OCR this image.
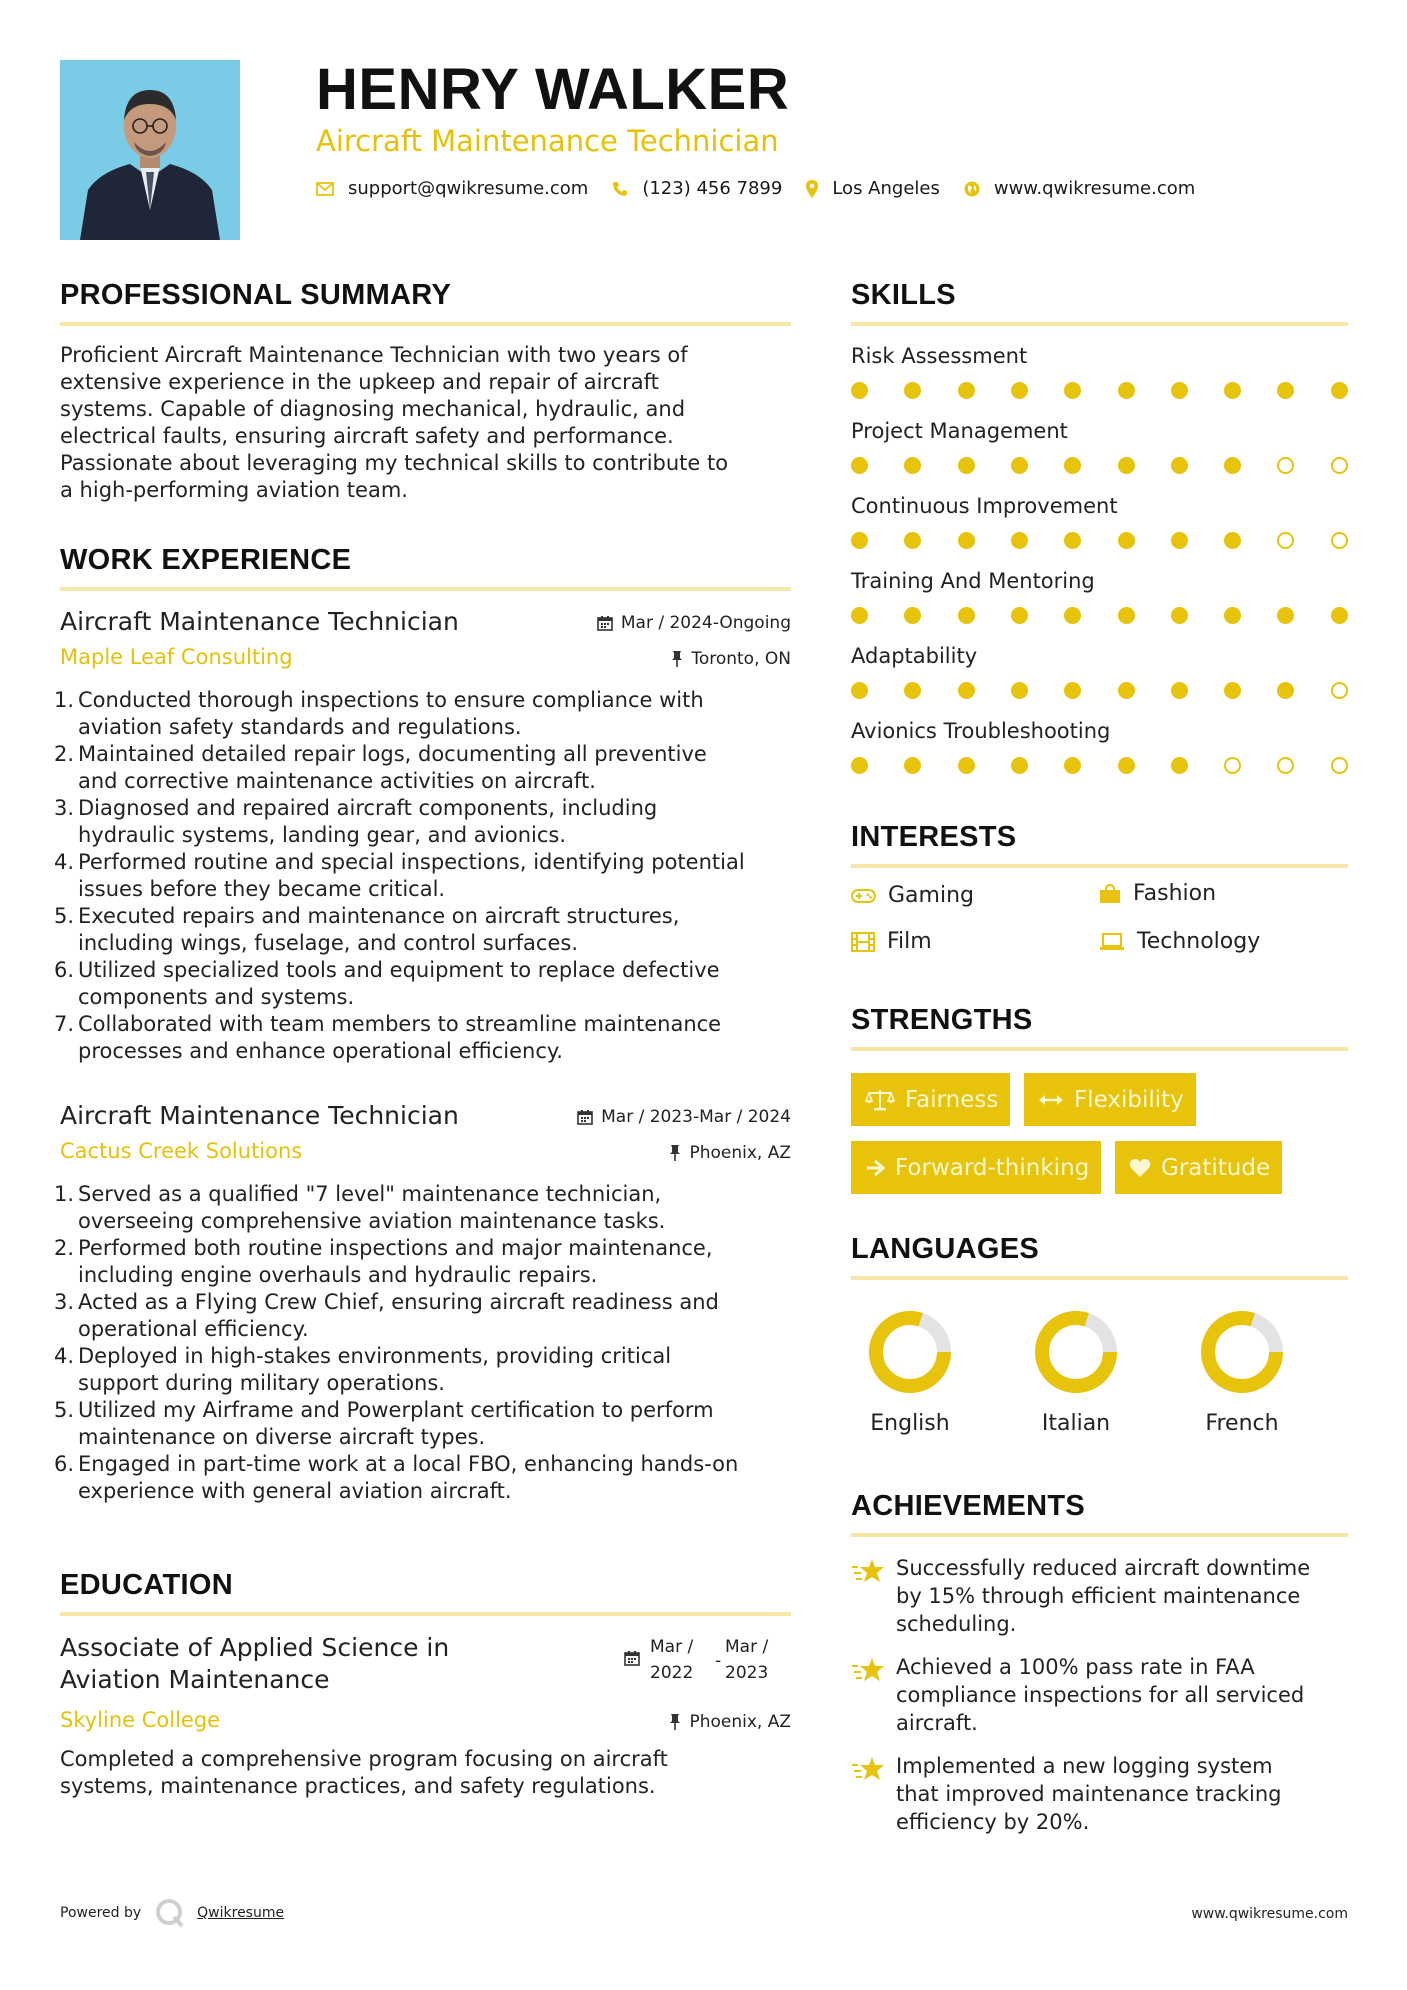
HENRY WALKER
Aircraft Maintenance Technician
support@qwikresume.com	(123) 456 7899	Los Angeles	www.qwikresume.com
PROFESSIONAL SUMMARY
Proficient Aircraft Maintenance Technician with two years of
extensive experience in the upkeep and repair of aircraft
systems. Capable of diagnosing mechanical, hydraulic, and
electrical faults, ensuring aircraft safety and performance.
Passionate about leveraging my technical skills to contribute to
a high-performing aviation team.
WORK EXPERIENCE
Aircraft Maintenance Technician	Mar / 2024-Ongoing
Maple Leaf Consulting	Toronto, ON
1. Conducted thorough inspections to ensure compliance with
aviation safety standards and regulations.
2. Maintained detailed repair logs, documenting all preventive
and corrective maintenance activities on aircraft.
3. Diagnosed and repaired aircraft components, including
hydraulic systems, landing gear, and avionics.
4. Performed routine and special inspections, identifying potential
issues before they became critical.
5. Executed repairs and maintenance on aircraft structures,
including wings, fuselage, and control surfaces.
6. Utilized specialized tools and equipment to replace defective
components and systems.
7. Collaborated with team members to streamline maintenance
processes and enhance operational efficiency.
Aircraft Maintenance Technician	Mar / 2023-Mar / 2024
Cactus Creek Solutions	Phoenix, AZ
1. Served as a qualified "7 level" maintenance technician,
overseeing comprehensive aviation maintenance tasks.
2. Performed both routine inspections and major maintenance,
including engine overhauls and hydraulic repairs.
3. Acted as a Flying Crew Chief, ensuring aircraft readiness and
operational efficiency.
4. Deployed in high-stakes environments, providing critical
support during military operations.
5. Utilized my Airframe and Powerplant certification to perform
maintenance on diverse aircraft types.
6. Engaged in part-time work at a local FBO, enhancing hands-on
experience with general aviation aircraft.
EDUCATION
Associate of Applied Science in
Aviation Maintenance
Mar /
2022
-
Mar /
2023
Skyline College	Phoenix, AZ
Completed a comprehensive program focusing on aircraft
systems, maintenance practices, and safety regulations.
SKILLS
Risk Assessment
Project Management
Continuous Improvement
Training And Mentoring
Adaptability
Avionics Troubleshooting
INTERESTS
Gaming	Fashion
Film	Technology
STRENGTHS
Fairness	Flexibility
Forward-thinking	Gratitude
LANGUAGES
English	Italian	French
ACHIEVEMENTS
Successfully reduced aircraft downtime
by 15% through efficient maintenance
scheduling.
Achieved a 100% pass rate in FAA
compliance inspections for all serviced
aircraft.
Implemented a new logging system
that improved maintenance tracking
efficiency by 20%.
Powered by	Qwikresume	www.qwikresume.com
